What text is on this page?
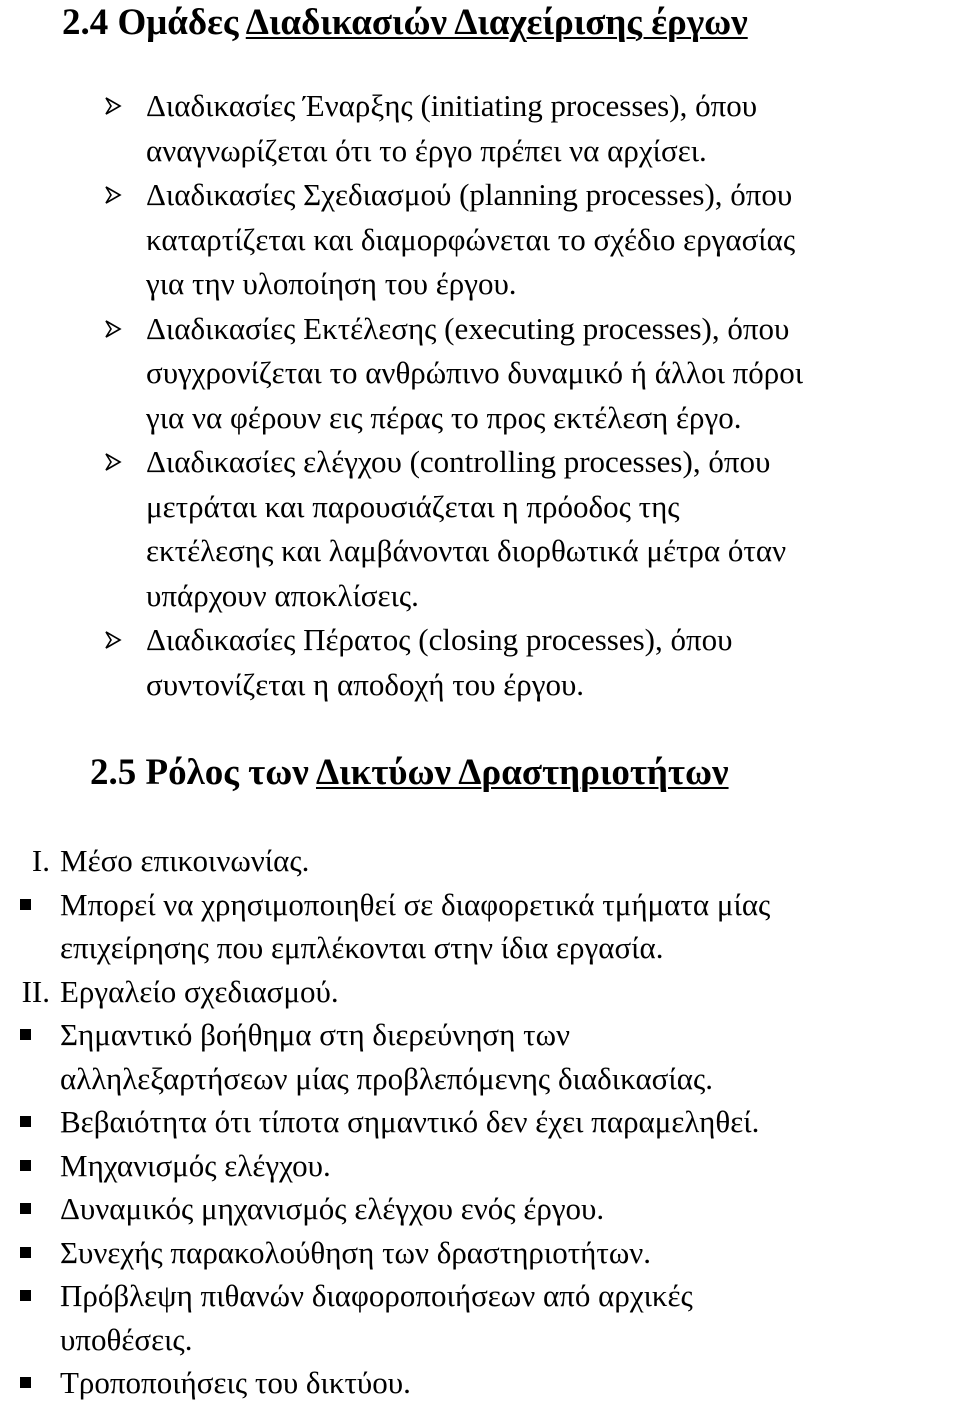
2.4 Ομάδες Διαδικασιών Διαχείρισης έργων
Διαδικασίες Έναρξης (initiating processes), όπου
αναγνωρίζεται ότι το έργο πρέπει να αρχίσει.
Διαδικασίες Σχεδιασμού (planning processes), όπου
καταρτίζεται και διαμορφώνεται το σχέδιο εργασίας
για την υλοποίηση του έργου.
Διαδικασίες Εκτέλεσης (executing processes), όπου
συγχρονίζεται το ανθρώπινο δυναμικό ή άλλοι πόροι
για να φέρουν εις πέρας το προς εκτέλεση έργο.
Διαδικασίες ελέγχου (controlling processes), όπου
μετράται και παρουσιάζεται η πρόοδος της
εκτέλεσης και λαμβάνονται διορθωτικά μέτρα όταν
υπάρχουν αποκλίσεις.
Διαδικασίες Πέρατος (closing processes), όπου
συντονίζεται η αποδοχή του έργου.
2.5 Ρόλος των Δικτύων Δραστηριοτήτων
I. Μέσο επικοινωνίας.
Μπορεί να χρησιμοποιηθεί σε διαφορετικά τμήματα μίας
επιχείρησης που εμπλέκονται στην ίδια εργασία.
II. Εργαλείο σχεδιασμού.
Σημαντικό βοήθημα στη διερεύνηση των
αλληλεξαρτήσεων μίας προβλεπόμενης διαδικασίας.
Βεβαιότητα ότι τίποτα σημαντικό δεν έχει παραμεληθεί.
Μηχανισμός ελέγχου.
Δυναμικός μηχανισμός ελέγχου ενός έργου.
Συνεχής παρακολούθηση των δραστηριοτήτων.
Πρόβλεψη πιθανών διαφοροποιήσεων από αρχικές
υποθέσεις.
Τροποποιήσεις του δικτύου.
